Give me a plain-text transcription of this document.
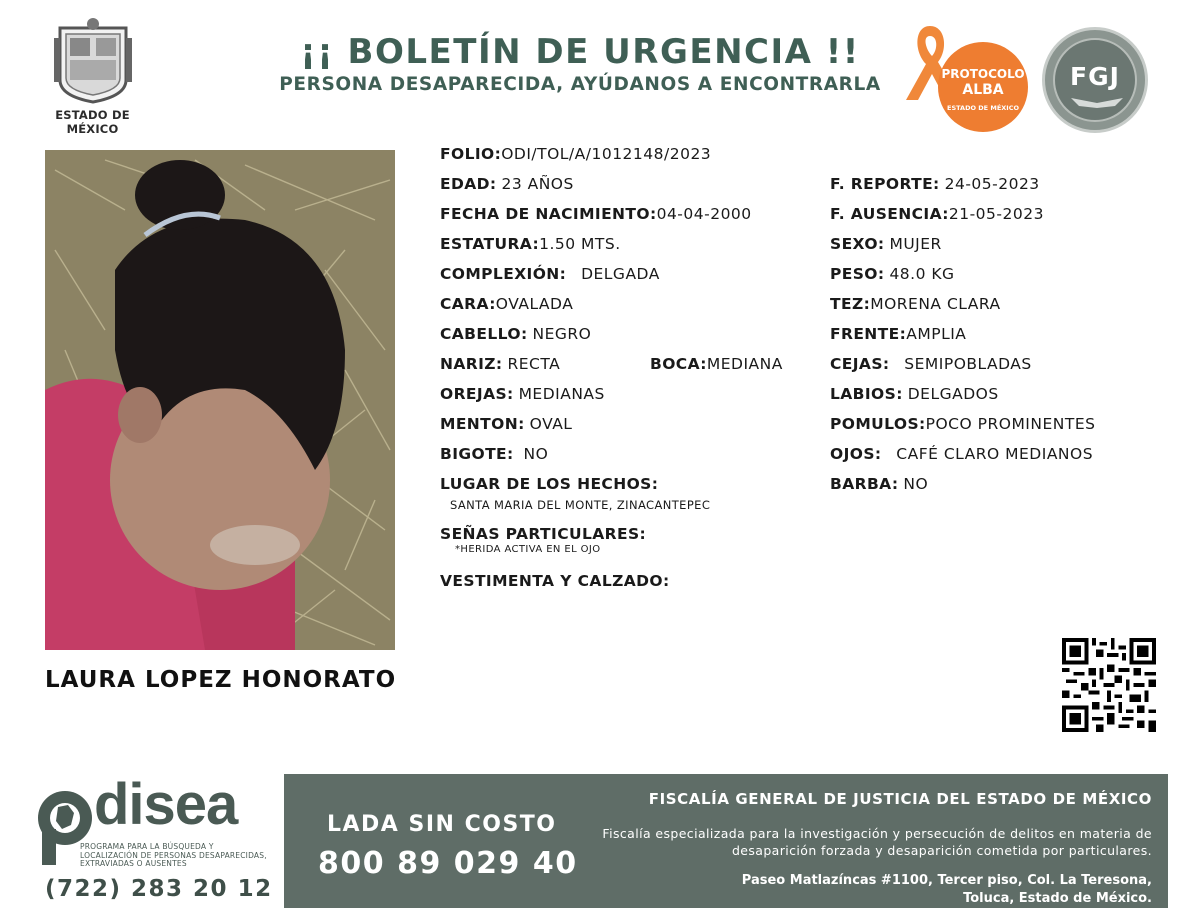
ESTADO DE MÉXICO
¡¡ BOLETÍN DE URGENCIA !!
PERSONA DESAPARECIDA, AYÚDANOS A ENCONTRARLA	PROTOCOLO
ALBA
ESTADO DE MÉXICO
FGJ
LAURA LOPEZ HONORATO
FOLIO:ODI/TOL/A/1012148/2023
EDAD: 23 AÑOS
FECHA DE NACIMIENTO:04-04-2000
ESTATURA:1.50 MTS.
COMPLEXIÓN: DELGADA
CARA:OVALADA
CABELLO: NEGRO
NARIZ: RECTA	BOCA:MEDIANA
OREJAS: MEDIANAS
MENTON: OVAL
BIGOTE: NO
LUGAR DE LOS HECHOS:
SANTA MARIA DEL MONTE, ZINACANTEPEC
SEÑAS PARTICULARES:
*HERIDA ACTIVA EN EL OJO
VESTIMENTA Y CALZADO:
F. REPORTE: 24-05-2023
F. AUSENCIA:21-05-2023
SEXO: MUJER
PESO: 48.0 KG
TEZ:MORENA CLARA
FRENTE:AMPLIA
CEJAS: SEMIPOBLADAS
LABIOS: DELGADOS
POMULOS:POCO PROMINENTES
OJOS: CAFÉ CLARO MEDIANOS
BARBA: NO
disea
PROGRAMA PARA LA BÚSQUEDA Y LOCALIZACIÓN DE PERSONAS DESAPARECIDAS, EXTRAVIADAS O AUSENTES
(722) 283 20 12
LADA SIN COSTO
800 89 029 40
FISCALÍA GENERAL DE JUSTICIA DEL ESTADO DE MÉXICO
Fiscalía especializada para la investigación y persecución de delitos en materia de desaparición forzada y desaparición cometida por particulares.
Paseo Matlazíncas #1100, Tercer piso, Col. La Teresona,
Toluca, Estado de México.
